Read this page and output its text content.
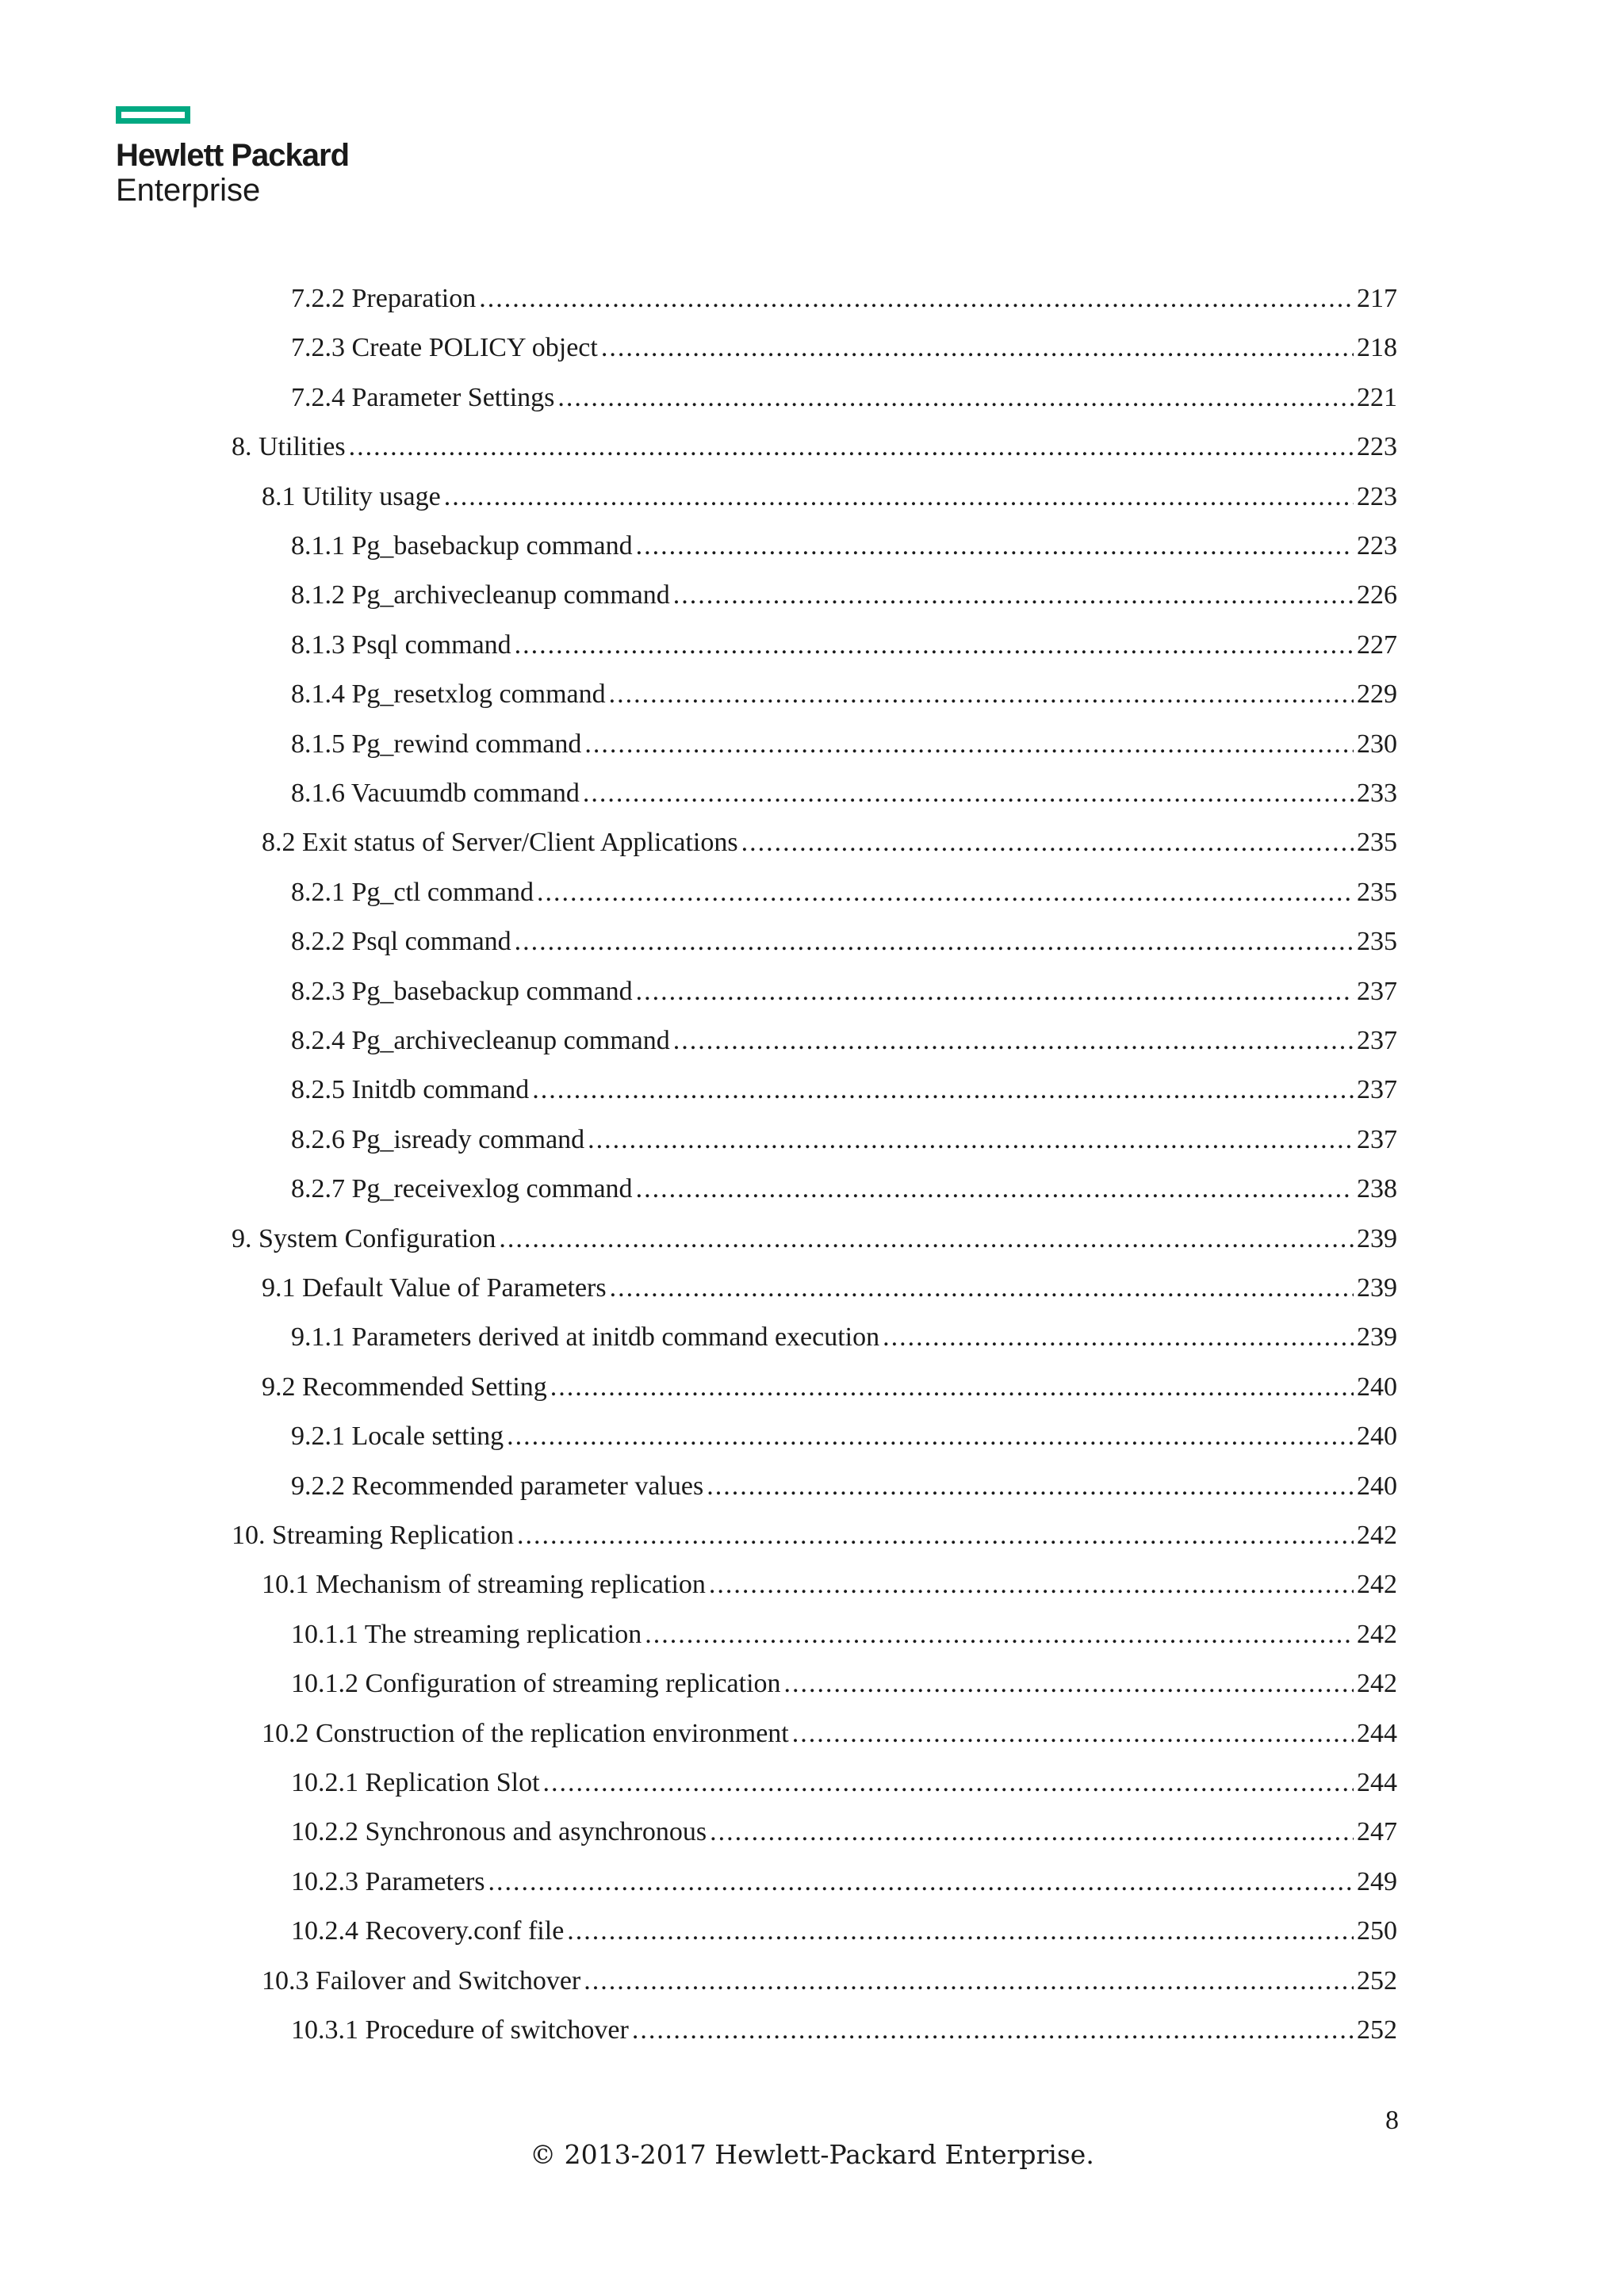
Hewlett Packard
Enterprise
7.2.2 Preparation .....	217
7.2.3 Create POLICY object .....	218
7.2.4 Parameter Settings .....	221
8. Utilities .....	223
8.1 Utility usage .....	223
8.1.1 Pg_basebackup command .....	223
8.1.2 Pg_archivecleanup command .....	226
8.1.3 Psql command .....	227
8.1.4 Pg_resetxlog command .....	229
8.1.5 Pg_rewind command .....	230
8.1.6 Vacuumdb command .....	233
8.2 Exit status of Server/Client Applications .....	235
8.2.1 Pg_ctl command .....	235
8.2.2 Psql command .....	235
8.2.3 Pg_basebackup command .....	237
8.2.4 Pg_archivecleanup command .....	237
8.2.5 Initdb command .....	237
8.2.6 Pg_isready command .....	237
8.2.7 Pg_receivexlog command .....	238
9. System Configuration .....	239
9.1 Default Value of Parameters .....	239
9.1.1 Parameters derived at initdb command execution .....	239
9.2 Recommended Setting .....	240
9.2.1 Locale setting .....	240
9.2.2 Recommended parameter values .....	240
10. Streaming Replication .....	242
10.1 Mechanism of streaming replication .....	242
10.1.1 The streaming replication .....	242
10.1.2 Configuration of streaming replication .....	242
10.2 Construction of the replication environment .....	244
10.2.1 Replication Slot .....	244
10.2.2 Synchronous and asynchronous .....	247
10.2.3 Parameters .....	249
10.2.4 Recovery.conf file .....	250
10.3 Failover and Switchover .....	252
10.3.1 Procedure of switchover .....	252
8
© 2013-2017 Hewlett-Packard Enterprise.
